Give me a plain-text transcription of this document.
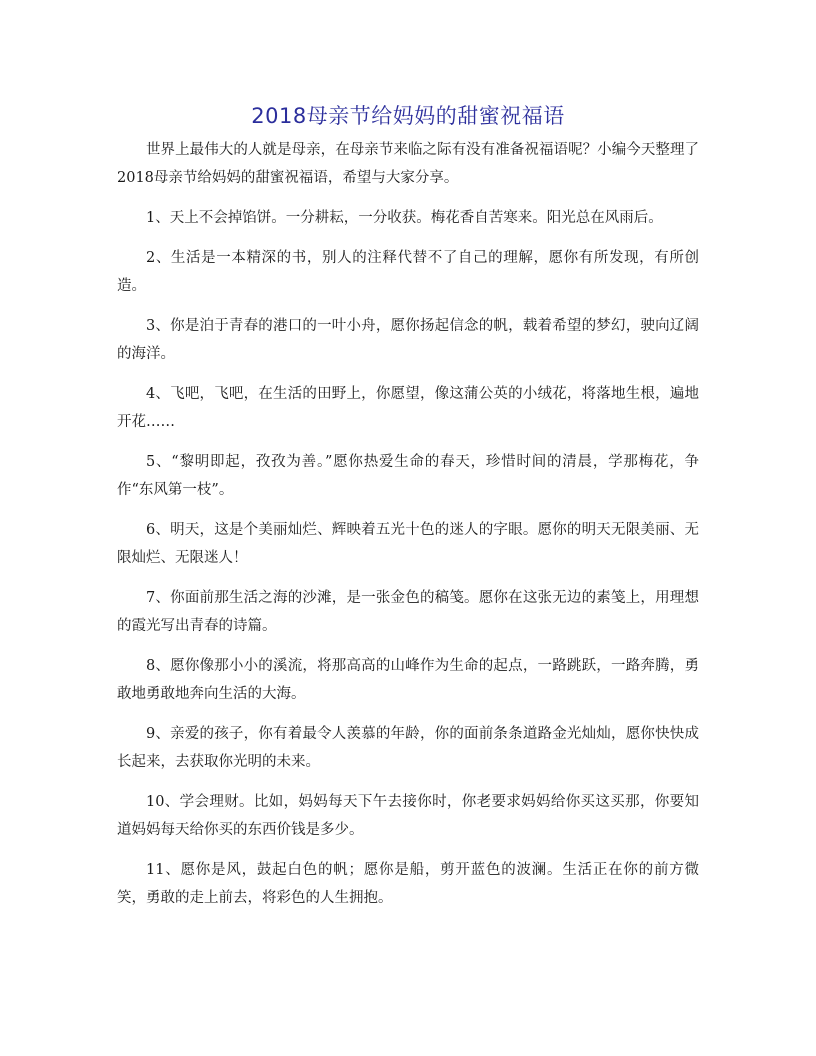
2018母亲节给妈妈的甜蜜祝福语

世界上最伟大的人就是母亲，在母亲节来临之际有没有准备祝福语呢？小编今天整理了2018母亲节给妈妈的甜蜜祝福语，希望与大家分享。

1、天上不会掉馅饼。一分耕耘，一分收获。梅花香自苦寒来。阳光总在风雨后。

2、生活是一本精深的书，别人的注释代替不了自己的理解，愿你有所发现，有所创造。

3、你是泊于青春的港口的一叶小舟，愿你扬起信念的帆，载着希望的梦幻，驶向辽阔的海洋。

4、飞吧，飞吧，在生活的田野上，你愿望，像这蒲公英的小绒花，将落地生根，遍地开花……

5、“黎明即起，孜孜为善。”愿你热爱生命的春天，珍惜时间的清晨，学那梅花，争作“东风第一枝”。

6、明天，这是个美丽灿烂、辉映着五光十色的迷人的字眼。愿你的明天无限美丽、无限灿烂、无限迷人！

7、你面前那生活之海的沙滩，是一张金色的稿笺。愿你在这张无边的素笺上，用理想的霞光写出青春的诗篇。

8、愿你像那小小的溪流，将那高高的山峰作为生命的起点，一路跳跃，一路奔腾，勇敢地勇敢地奔向生活的大海。

9、亲爱的孩子，你有着最令人羡慕的年龄，你的面前条条道路金光灿灿，愿你快快成长起来，去获取你光明的未来。

10、学会理财。比如，妈妈每天下午去接你时，你老要求妈妈给你买这买那，你要知道妈妈每天给你买的东西价钱是多少。

11、愿你是风，鼓起白色的帆；愿你是船，剪开蓝色的波澜。生活正在你的前方微笑，勇敢的走上前去，将彩色的人生拥抱。
